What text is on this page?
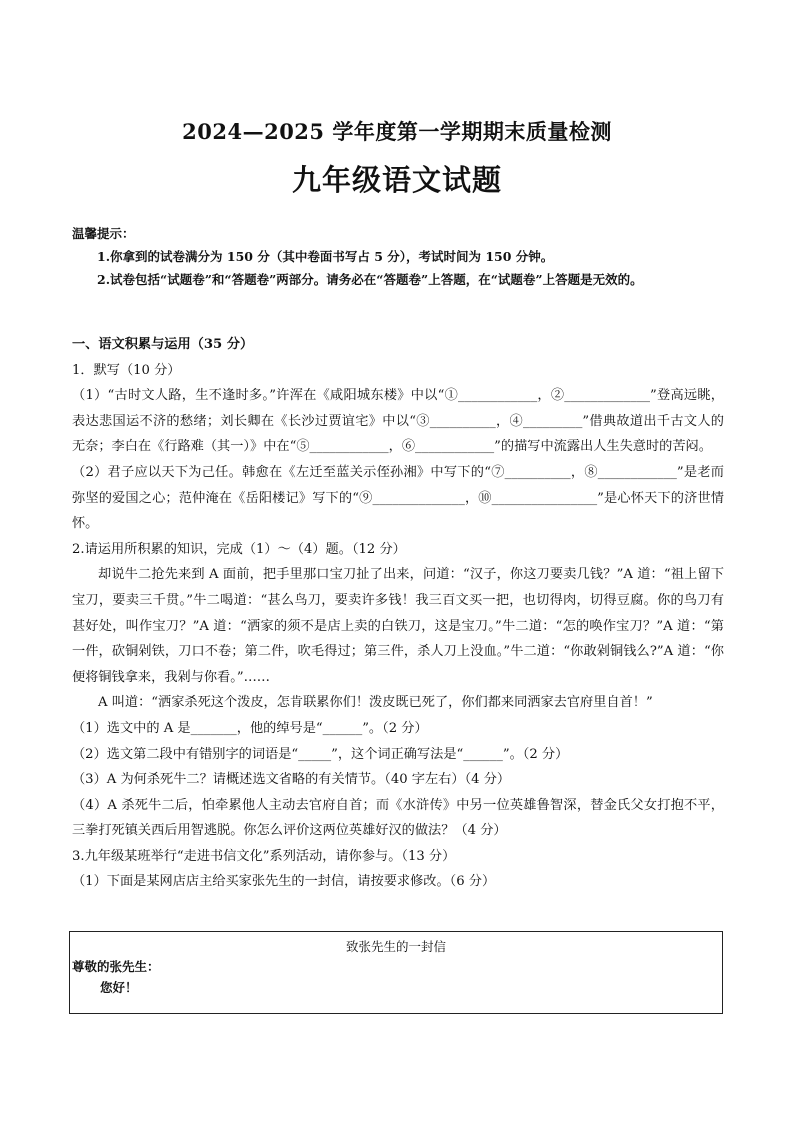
2024—2025 学年度第一学期期末质量检测
九年级语文试题
温馨提示：
1.你拿到的试卷满分为 150 分（其中卷面书写占 5 分），考试时间为 150 分钟。
2.试卷包括“试题卷”和“答题卷”两部分。请务必在“答题卷”上答题，在“试题卷”上答题是无效的。

一、语文积累与运用（35 分）

1．默写（10 分）

（1）“古时文人路，生不逢时多。”许浑在《咸阳城东楼》中以“①____________，②_____________”登高远眺，表达悲国运不济的愁绪；刘长卿在《长沙过贾谊宅》中以“③__________，④_________”借典故道出千古文人的无奈；李白在《行路难（其一）》中在“⑤____________，⑥____________”的描写中流露出人生失意时的苦闷。

（2）君子应以天下为己任。韩愈在《左迁至蓝关示侄孙湘》中写下的“⑦__________，⑧____________”是老而弥坚的爱国之心；范仲淹在《岳阳楼记》写下的“⑨______________，⑩________________”是心怀天下的济世情怀。

2.请运用所积累的知识，完成（1）～（4）题。（12 分）

却说牛二抢先来到 A 面前，把手里那口宝刀扯了出来，问道：“汉子，你这刀要卖几钱？”A 道：“祖上留下宝刀，要卖三千贯。”牛二喝道：“甚么鸟刀，要卖许多钱！我三百文买一把，也切得肉，切得豆腐。你的鸟刀有甚好处，叫作宝刀？”A 道：“洒家的须不是店上卖的白铁刀，这是宝刀。”牛二道：“怎的唤作宝刀？”A 道：“第一件，砍铜剁铁，刀口不卷；第二件，吹毛得过；第三件，杀人刀上没血。”牛二道：“你敢剁铜钱么?”A 道：“你便将铜钱拿来，我剁与你看。”……

A 叫道：“洒家杀死这个泼皮，怎肯联累你们！泼皮既已死了，你们都来同洒家去官府里自首！”

（1）选文中的 A 是_______，他的绰号是“______”。（2 分）

（2）选文第二段中有错别字的词语是“_____”，这个词正确写法是“______”。（2 分）

（3）A 为何杀死牛二？请概述选文省略的有关情节。（40 字左右）（4 分）

（4）A 杀死牛二后，怕牵累他人主动去官府自首；而《水浒传》中另一位英雄鲁智深，替金氏父女打抱不平，三拳打死镇关西后用智逃脱。你怎么评价这两位英雄好汉的做法？（4 分）

3.九年级某班举行“走进书信文化”系列活动，请你参与。（13 分）

（1）下面是某网店店主给买家张先生的一封信，请按要求修改。（6 分）

致张先生的一封信
尊敬的张先生：
您好！
